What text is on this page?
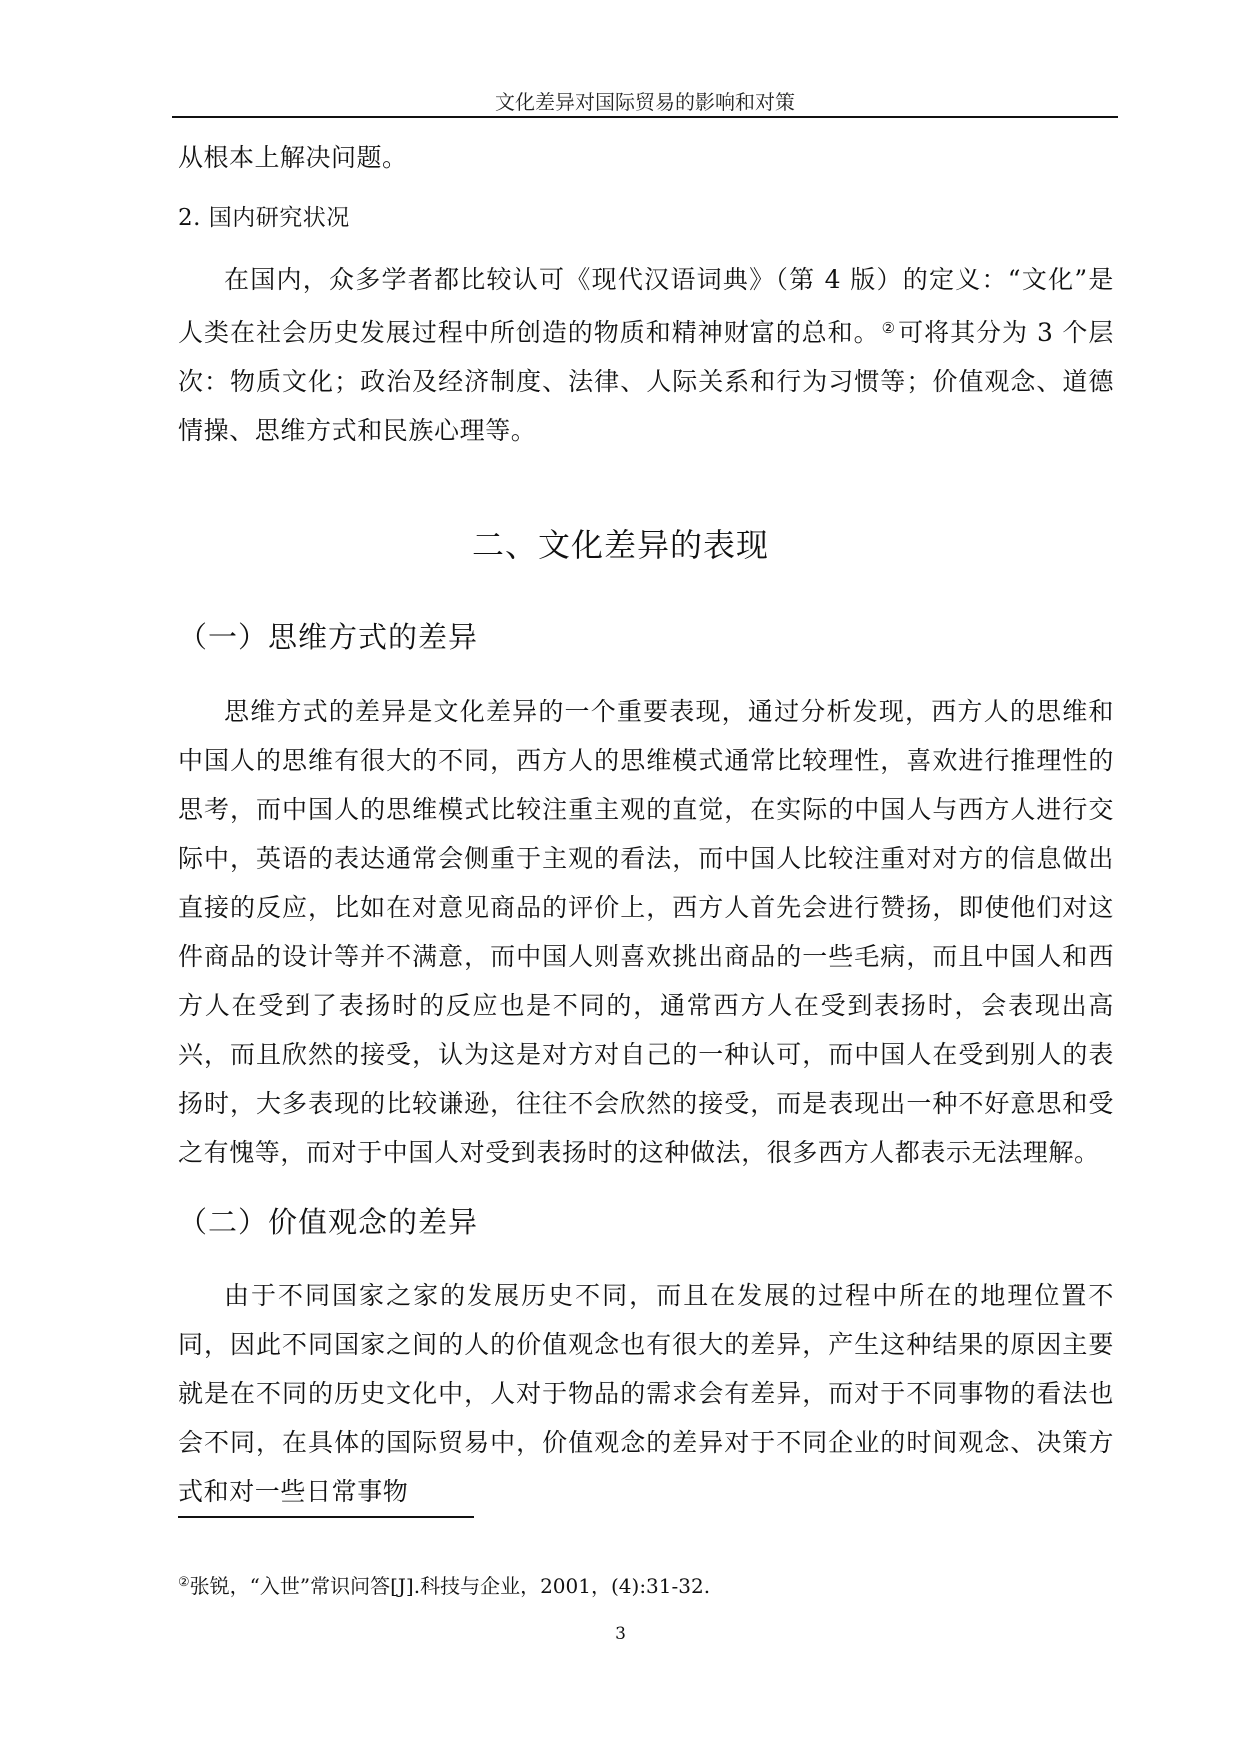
文化差异对国际贸易的影响和对策
从根本上解决问题。
2. 国内研究状况
在国内，众多学者都比较认可《现代汉语词典》（第 4 版）的定义：“文化”是人类在社会历史发展过程中所创造的物质和精神财富的总和。 ②可将其分为 3 个层次：物质文化；政治及经济制度、法律、人际关系和行为习惯等；价值观念、道德情操、思维方式和民族心理等。
二、文化差异的表现
（一）思维方式的差异
思维方式的差异是文化差异的一个重要表现，通过分析发现，西方人的思维和中国人的思维有很大的不同，西方人的思维模式通常比较理性，喜欢进行推理性的思考，而中国人的思维模式比较注重主观的直觉，在实际的中国人与西方人进行交际中，英语的表达通常会侧重于主观的看法，而中国人比较注重对对方的信息做出直接的反应，比如在对意见商品的评价上，西方人首先会进行赞扬，即使他们对这件商品的设计等并不满意，而中国人则喜欢挑出商品的一些毛病，而且中国人和西方人在受到了表扬时的反应也是不同的，通常西方人在受到表扬时，会表现出高兴，而且欣然的接受，认为这是对方对自己的一种认可，而中国人在受到别人的表扬时，大多表现的比较谦逊，往往不会欣然的接受，而是表现出一种不好意思和受之有愧等，而对于中国人对受到表扬时的这种做法，很多西方人都表示无法理解。
（二）价值观念的差异
由于不同国家之家的发展历史不同，而且在发展的过程中所在的地理位置不同，因此不同国家之间的人的价值观念也有很大的差异，产生这种结果的原因主要就是在不同的历史文化中，人对于物品的需求会有差异，而对于不同事物的看法也会不同，在具体的国际贸易中，价值观念的差异对于不同企业的时间观念、决策方式和对一些日常事物
②张锐，“入世”常识问答[J].科技与企业，2001，(4):31-32.
3
